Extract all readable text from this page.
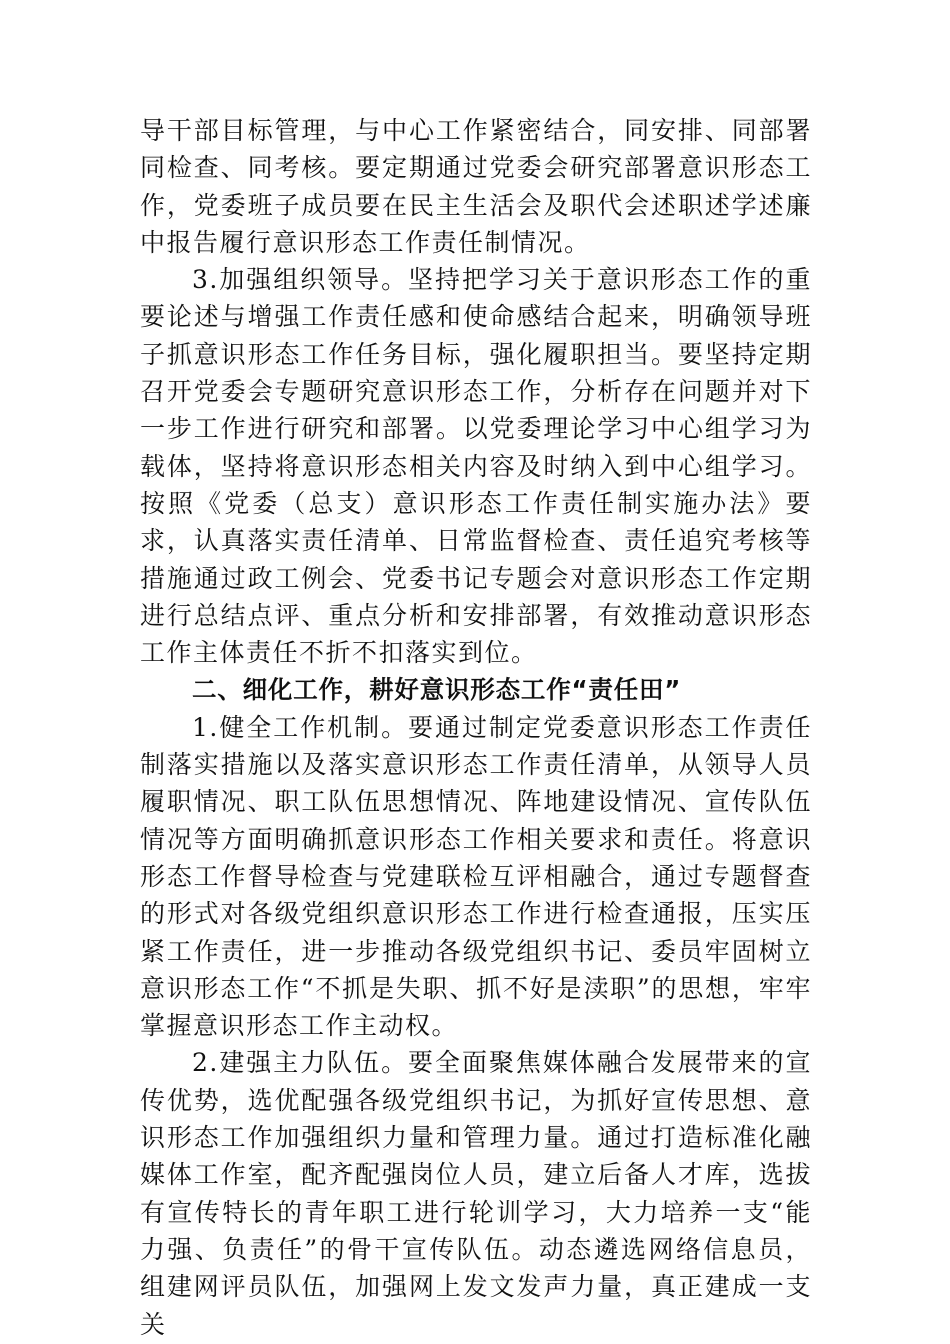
导干部目标管理，与中心工作紧密结合，同安排、同部署同检查、同考核。要定期通过党委会研究部署意识形态工作，党委班子成员要在民主生活会及职代会述职述学述廉中报告履行意识形态工作责任制情况。

3.加强组织领导。坚持把学习关于意识形态工作的重要论述与增强工作责任感和使命感结合起来，明确领导班子抓意识形态工作任务目标，强化履职担当。要坚持定期召开党委会专题研究意识形态工作，分析存在问题并对下一步工作进行研究和部署。以党委理论学习中心组学习为载体，坚持将意识形态相关内容及时纳入到中心组学习。按照《党委（总支）意识形态工作责任制实施办法》要求，认真落实责任清单、日常监督检查、责任追究考核等措施通过政工例会、党委书记专题会对意识形态工作定期进行总结点评、重点分析和安排部署，有效推动意识形态工作主体责任不折不扣落实到位。

二、细化工作，耕好意识形态工作“责任田”

1.健全工作机制。要通过制定党委意识形态工作责任制落实措施以及落实意识形态工作责任清单，从领导人员履职情况、职工队伍思想情况、阵地建设情况、宣传队伍情况等方面明确抓意识形态工作相关要求和责任。将意识形态工作督导检查与党建联检互评相融合，通过专题督查的形式对各级党组织意识形态工作进行检查通报，压实压紧工作责任，进一步推动各级党组织书记、委员牢固树立意识形态工作“不抓是失职、抓不好是渎职”的思想，牢牢掌握意识形态工作主动权。

2.建强主力队伍。要全面聚焦媒体融合发展带来的宣传优势，选优配强各级党组织书记，为抓好宣传思想、意识形态工作加强组织力量和管理力量。通过打造标准化融媒体工作室，配齐配强岗位人员，建立后备人才库，选拔有宣传特长的青年职工进行轮训学习，大力培养一支“能力强、负责任”的骨干宣传队伍。动态遴选网络信息员，组建网评员队伍，加强网上发文发声力量，真正建成一支关
